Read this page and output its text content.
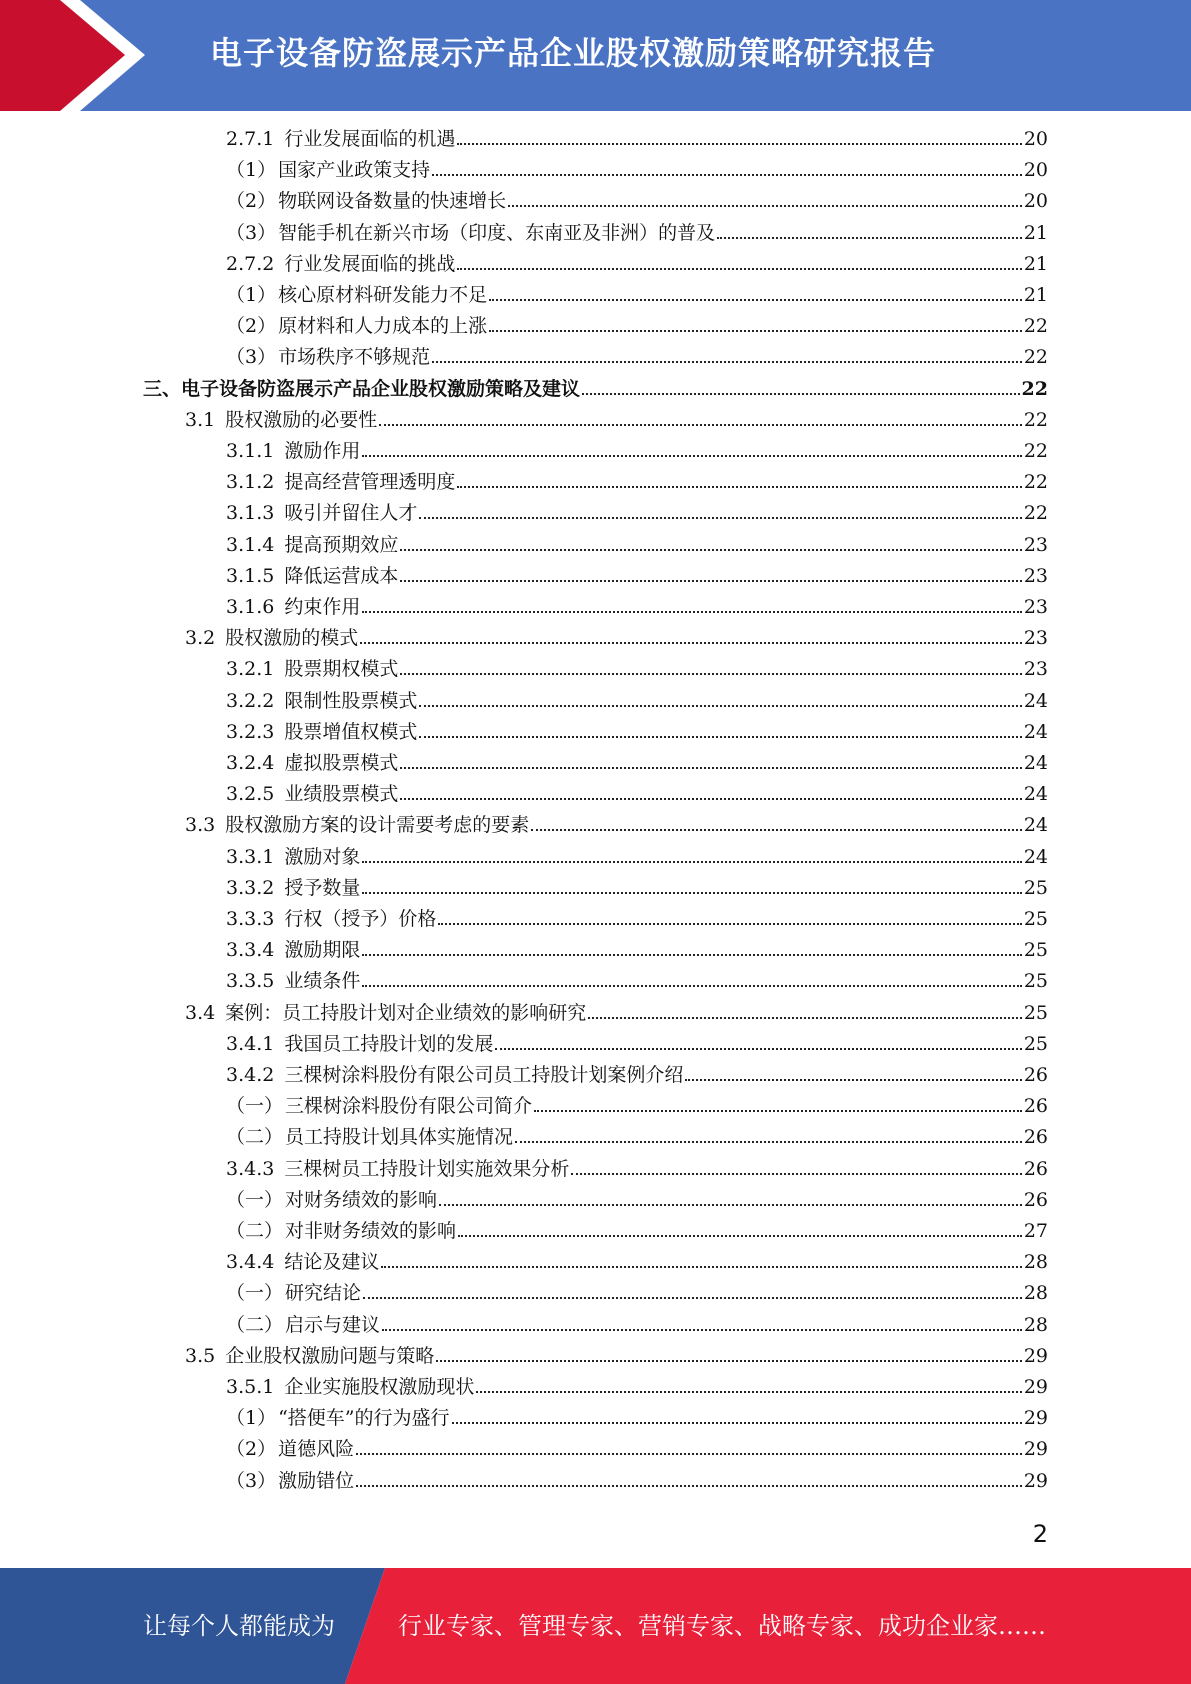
电子设备防盗展示产品企业股权激励策略研究报告
2.7.1 行业发展面临的机遇	20
（1） 国家产业政策支持	20
（2） 物联网设备数量的快速增长	20
（3） 智能手机在新兴市场（印度、东南亚及非洲）的普及	21
2.7.2 行业发展面临的挑战	21
（1） 核心原材料研发能力不足	21
（2） 原材料和人力成本的上涨	22
（3） 市场秩序不够规范	22
三、电子设备防盗展示产品企业股权激励策略及建议	22
3.1 股权激励的必要性	22
3.1.1 激励作用	22
3.1.2 提高经营管理透明度	22
3.1.3 吸引并留住人才	22
3.1.4 提高预期效应	23
3.1.5 降低运营成本	23
3.1.6 约束作用	23
3.2 股权激励的模式	23
3.2.1 股票期权模式	23
3.2.2 限制性股票模式	24
3.2.3 股票增值权模式	24
3.2.4 虚拟股票模式	24
3.2.5 业绩股票模式	24
3.3 股权激励方案的设计需要考虑的要素	24
3.3.1 激励对象	24
3.3.2 授予数量	25
3.3.3 行权（授予）价格	25
3.3.4 激励期限	25
3.3.5 业绩条件	25
3.4 案例：员工持股计划对企业绩效的影响研究	25
3.4.1 我国员工持股计划的发展	25
3.4.2 三棵树涂料股份有限公司员工持股计划案例介绍	26
（一） 三棵树涂料股份有限公司简介	26
（二） 员工持股计划具体实施情况	26
3.4.3 三棵树员工持股计划实施效果分析	26
（一） 对财务绩效的影响	26
（二） 对非财务绩效的影响	27
3.4.4 结论及建议	28
（一） 研究结论	28
（二） 启示与建议	28
3.5 企业股权激励问题与策略	29
3.5.1 企业实施股权激励现状	29
（1） “搭便车”的行为盛行	29
（2） 道德风险	29
（3） 激励错位	29
2
让每个人都能成为	行业专家、管理专家、营销专家、战略专家、成功企业家……
